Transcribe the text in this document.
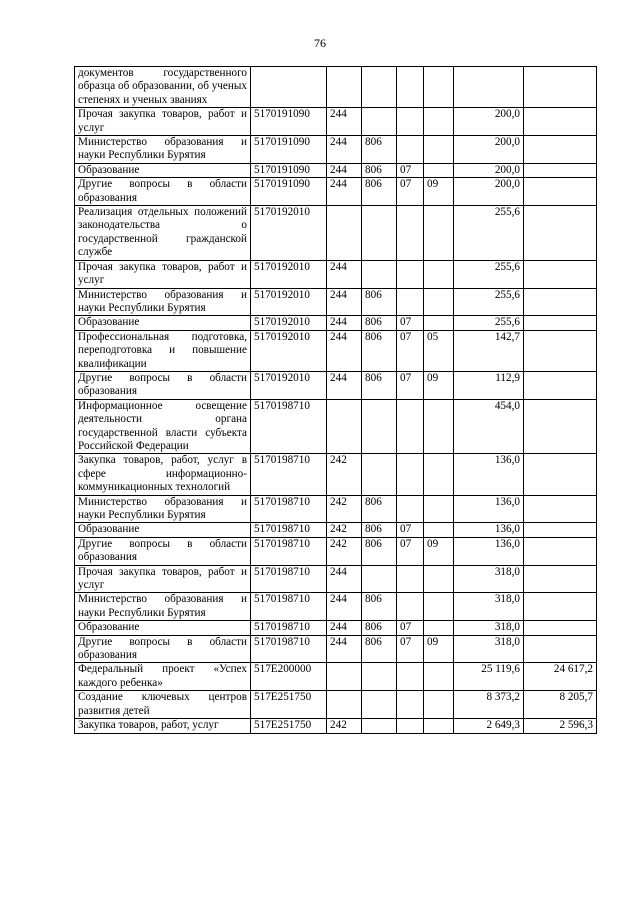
76
документов государственного образца об образовании, об ученых степенях и ученых званиях							
Прочая закупка товаров, работ и услуг	5170191090	244				200,0	
Министерство образования и науки Республики Бурятия	5170191090	244	806			200,0	
Образование	5170191090	244	806	07		200,0	
Другие вопросы в области образования	5170191090	244	806	07	09	200,0	
Реализация отдельных положений законодательства о государственной гражданской службе	5170192010					255,6	
Прочая закупка товаров, работ и услуг	5170192010	244				255,6	
Министерство образования и науки Республики Бурятия	5170192010	244	806			255,6	
Образование	5170192010	244	806	07		255,6	
Профессиональная подготовка, переподготовка и повышение квалификации	5170192010	244	806	07	05	142,7	
Другие вопросы в области образования	5170192010	244	806	07	09	112,9	
Информационное освещение деятельности органа государственной власти субъекта Российской Федерации	5170198710					454,0	
Закупка товаров, работ, услуг в сфере информационно-коммуникационных технологий	5170198710	242				136,0	
Министерство образования и науки Республики Бурятия	5170198710	242	806			136,0	
Образование	5170198710	242	806	07		136,0	
Другие вопросы в области образования	5170198710	242	806	07	09	136,0	
Прочая закупка товаров, работ и услуг	5170198710	244				318,0	
Министерство образования и науки Республики Бурятия	5170198710	244	806			318,0	
Образование	5170198710	244	806	07		318,0	
Другие вопросы в области образования	5170198710	244	806	07	09	318,0	
Федеральный проект «Успех каждого ребенка»	517E200000					25 119,6	24 617,2
Создание ключевых центров развития детей	517E251750					8 373,2	8 205,7
Закупка товаров, работ, услуг	517E251750	242				2 649,3	2 596,3
